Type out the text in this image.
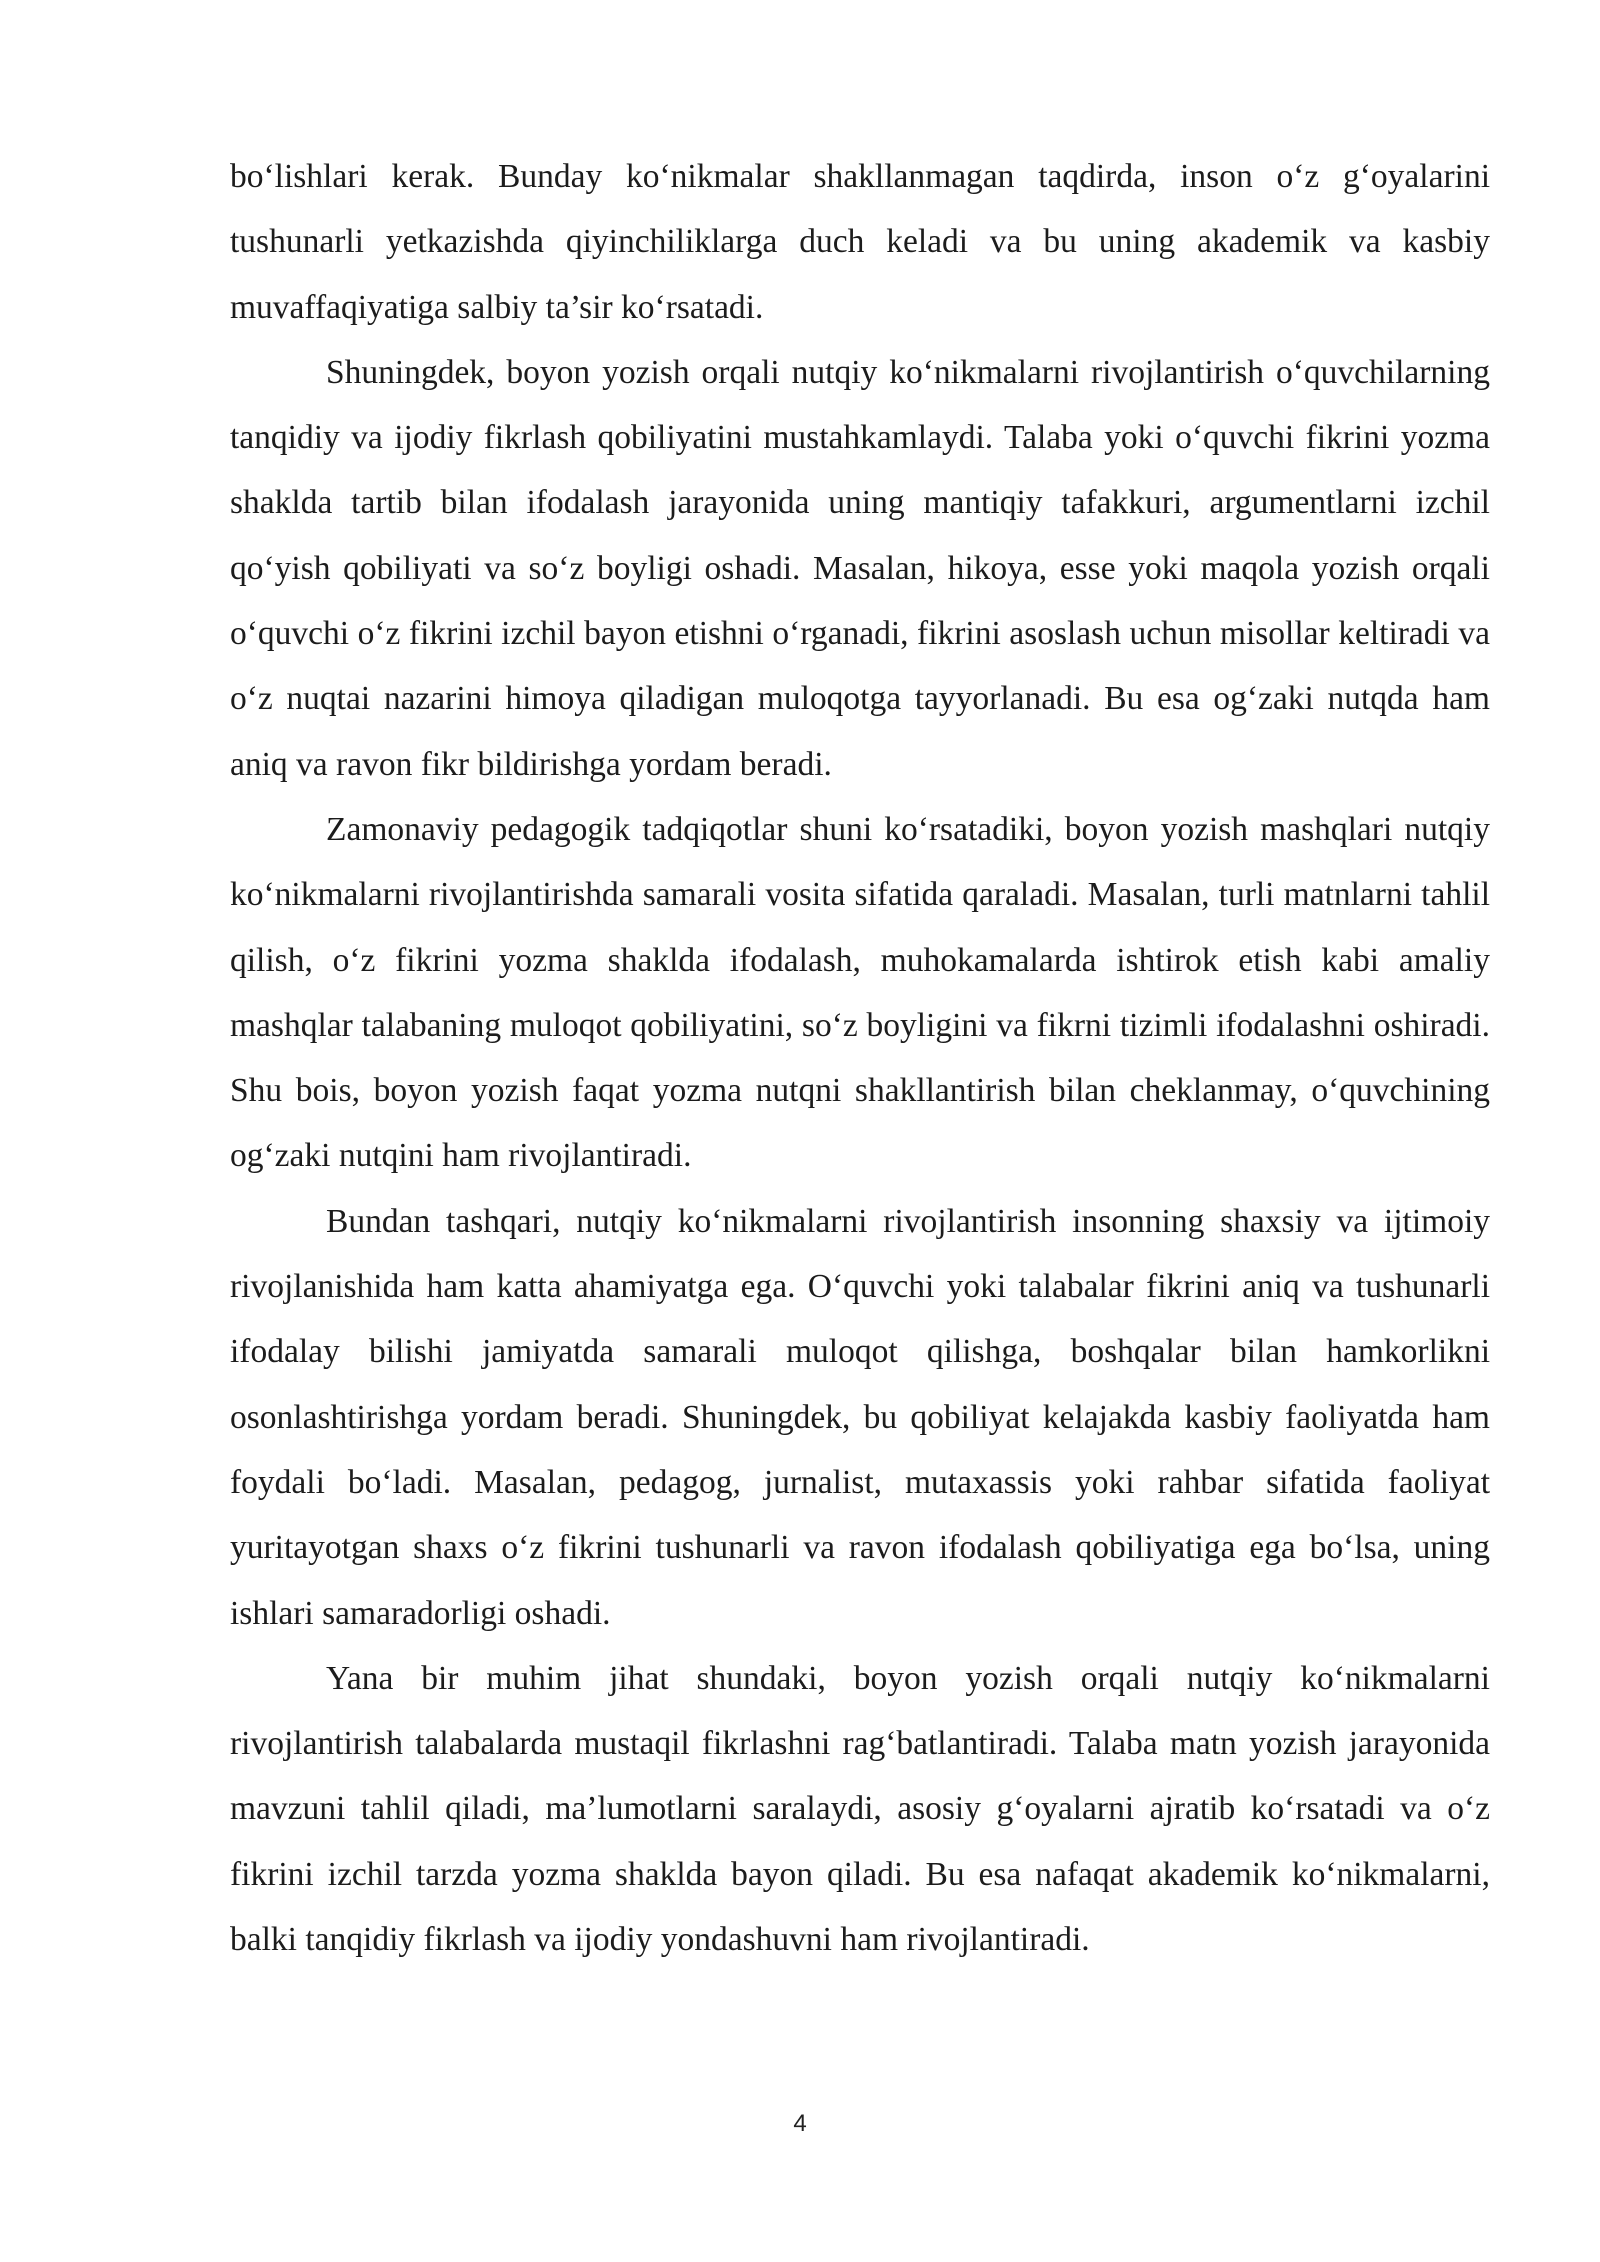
bo‘lishlari kerak. Bunday ko‘nikmalar shakllanmagan taqdirda, inson o‘z g‘oyalarini tushunarli yetkazishda qiyinchiliklarga duch keladi va bu uning akademik va kasbiy muvaffaqiyatiga salbiy ta’sir ko‘rsatadi.

Shuningdek, boyon yozish orqali nutqiy ko‘nikmalarni rivojlantirish o‘quvchilarning tanqidiy va ijodiy fikrlash qobiliyatini mustahkamlaydi. Talaba yoki o‘quvchi fikrini yozma shaklda tartib bilan ifodalash jarayonida uning mantiqiy tafakkuri, argumentlarni izchil qo‘yish qobiliyati va so‘z boyligi oshadi. Masalan, hikoya, esse yoki maqola yozish orqali o‘quvchi o‘z fikrini izchil bayon etishni o‘rganadi, fikrini asoslash uchun misollar keltiradi va o‘z nuqtai nazarini himoya qiladigan muloqotga tayyorlanadi. Bu esa og‘zaki nutqda ham aniq va ravon fikr bildirishga yordam beradi.

Zamonaviy pedagogik tadqiqotlar shuni ko‘rsatadiki, boyon yozish mashqlari nutqiy ko‘nikmalarni rivojlantirishda samarali vosita sifatida qaraladi. Masalan, turli matnlarni tahlil qilish, o‘z fikrini yozma shaklda ifodalash, muhokamalarda ishtirok etish kabi amaliy mashqlar talabaning muloqot qobiliyatini, so‘z boyligini va fikrni tizimli ifodalashni oshiradi. Shu bois, boyon yozish faqat yozma nutqni shakllantirish bilan cheklanmay, o‘quvchining og‘zaki nutqini ham rivojlantiradi.

Bundan tashqari, nutqiy ko‘nikmalarni rivojlantirish insonning shaxsiy va ijtimoiy rivojlanishida ham katta ahamiyatga ega. O‘quvchi yoki talabalar fikrini aniq va tushunarli ifodalay bilishi jamiyatda samarali muloqot qilishga, boshqalar bilan hamkorlikni osonlashtirishga yordam beradi. Shuningdek, bu qobiliyat kelajakda kasbiy faoliyatda ham foydali bo‘ladi. Masalan, pedagog, jurnalist, mutaxassis yoki rahbar sifatida faoliyat yuritayotgan shaxs o‘z fikrini tushunarli va ravon ifodalash qobiliyatiga ega bo‘lsa, uning ishlari samaradorligi oshadi.

Yana bir muhim jihat shundaki, boyon yozish orqali nutqiy ko‘nikmalarni rivojlantirish talabalarda mustaqil fikrlashni rag‘batlantiradi. Talaba matn yozish jarayonida mavzuni tahlil qiladi, ma’lumotlarni saralaydi, asosiy g‘oyalarni ajratib ko‘rsatadi va o‘z fikrini izchil tarzda yozma shaklda bayon qiladi. Bu esa nafaqat akademik ko‘nikmalarni, balki tanqidiy fikrlash va ijodiy yondashuvni ham rivojlantiradi.

4
